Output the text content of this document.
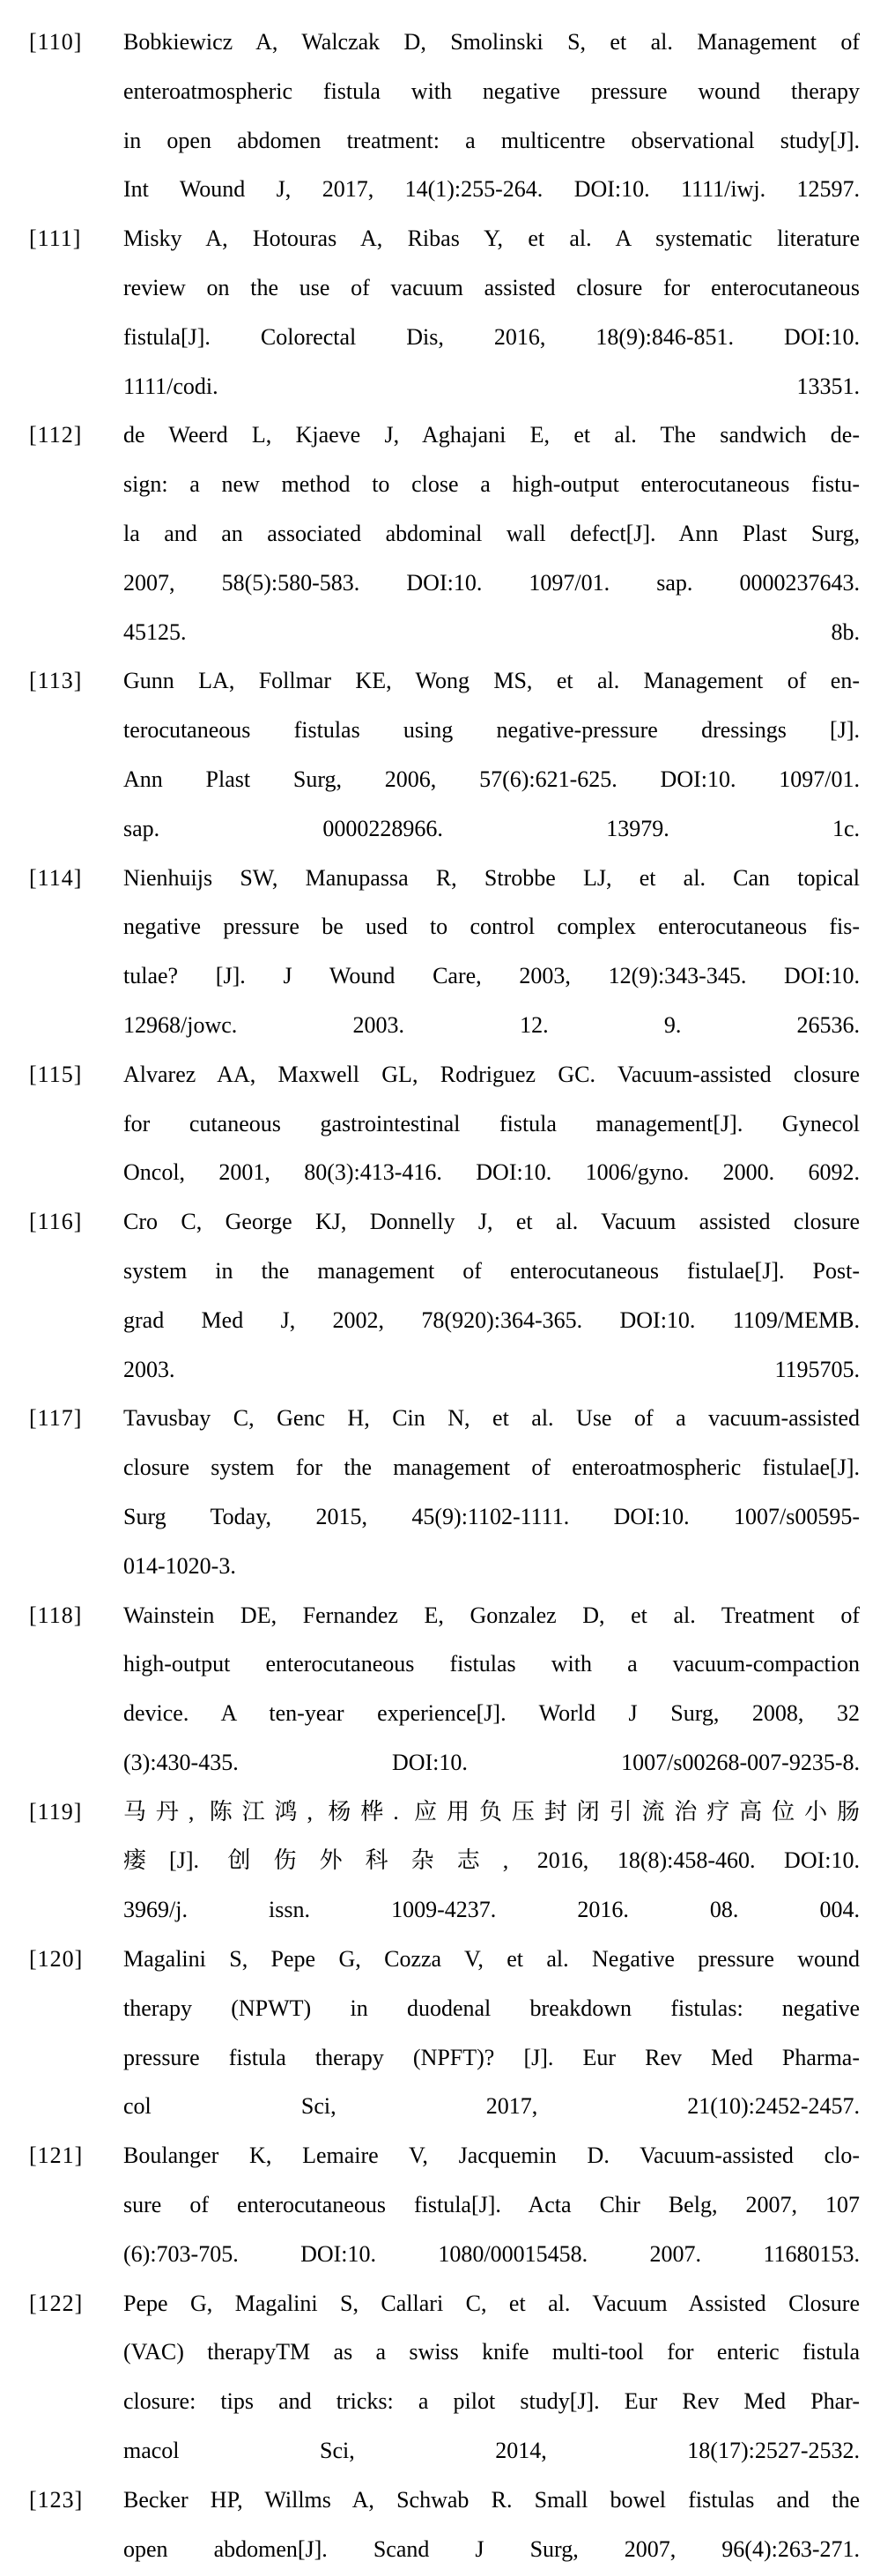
[110]	Bobkiewicz A, Walczak D, Smolinski S, et al. Management of
enteroatmospheric fistula with negative pressure wound therapy
in open abdomen treatment: a multicentre observational study[J].
Int Wound J, 2017, 14(1):255-264. DOI:10. 1111/iwj. 12597.
[111]	Misky A, Hotouras A, Ribas Y, et al. A systematic literature
review on the use of vacuum assisted closure for enterocutaneous
fistula[J]. Colorectal Dis, 2016, 18(9):846-851. DOI:10.
1111/codi. 13351.
[112]	de Weerd L, Kjaeve J, Aghajani E, et al. The sandwich de-
sign: a new method to close a high-output enterocutaneous fistu-
la and an associated abdominal wall defect[J]. Ann Plast Surg,
2007, 58(5):580-583. DOI:10. 1097/01. sap. 0000237643.
45125. 8b.
[113]	Gunn LA, Follmar KE, Wong MS, et al. Management of en-
terocutaneous fistulas using negative-pressure dressings [J].
Ann Plast Surg, 2006, 57(6):621-625. DOI:10. 1097/01.
sap. 0000228966. 13979. 1c.
[114]	Nienhuijs SW, Manupassa R, Strobbe LJ, et al. Can topical
negative pressure be used to control complex enterocutaneous fis-
tulae? [J]. J Wound Care, 2003, 12(9):343-345. DOI:10.
12968/jowc. 2003. 12. 9. 26536.
[115]	Alvarez AA, Maxwell GL, Rodriguez GC. Vacuum-assisted closure
for cutaneous gastrointestinal fistula management[J]. Gynecol
Oncol, 2001, 80(3):413-416. DOI:10. 1006/gyno. 2000. 6092.
[116]	Cro C, George KJ, Donnelly J, et al. Vacuum assisted closure
system in the management of enterocutaneous fistulae[J]. Post-
grad Med J, 2002, 78(920):364-365. DOI:10. 1109/MEMB.
2003. 1195705.
[117]	Tavusbay C, Genc H, Cin N, et al. Use of a vacuum-assisted
closure system for the management of enteroatmospheric fistulae[J].
Surg Today, 2015, 45(9):1102-1111. DOI:10. 1007/s00595-
014-1020-3.
[118]	Wainstein DE, Fernandez E, Gonzalez D, et al. Treatment of
high-output enterocutaneous fistulas with a vacuum-compaction
device. A ten-year experience[J]. World J Surg, 2008, 32
(3):430-435. DOI:10. 1007/s00268-007-9235-8.
[119]	马丹, 陈江鸿, 杨桦. 应用负压封闭引流治疗高位小肠
瘘[J]. 创伤外科杂志, 2016, 18(8):458-460. DOI:10.
3969/j. issn. 1009-4237. 2016. 08. 004.
[120]	Magalini S, Pepe G, Cozza V, et al. Negative pressure wound
therapy (NPWT) in duodenal breakdown fistulas: negative
pressure fistula therapy (NPFT)? [J]. Eur Rev Med Pharma-
col Sci, 2017, 21(10):2452-2457.
[121]	Boulanger K, Lemaire V, Jacquemin D. Vacuum-assisted clo-
sure of enterocutaneous fistula[J]. Acta Chir Belg, 2007, 107
(6):703-705. DOI:10. 1080/00015458. 2007. 11680153.
[122]	Pepe G, Magalini S, Callari C, et al. Vacuum Assisted Closure
(VAC) therapyTM as a swiss knife multi-tool for enteric fistula
closure: tips and tricks: a pilot study[J]. Eur Rev Med Phar-
macol Sci, 2014, 18(17):2527-2532.
[123]	Becker HP, Willms A, Schwab R. Small bowel fistulas and the
open abdomen[J]. Scand J Surg, 2007, 96(4):263-271.
